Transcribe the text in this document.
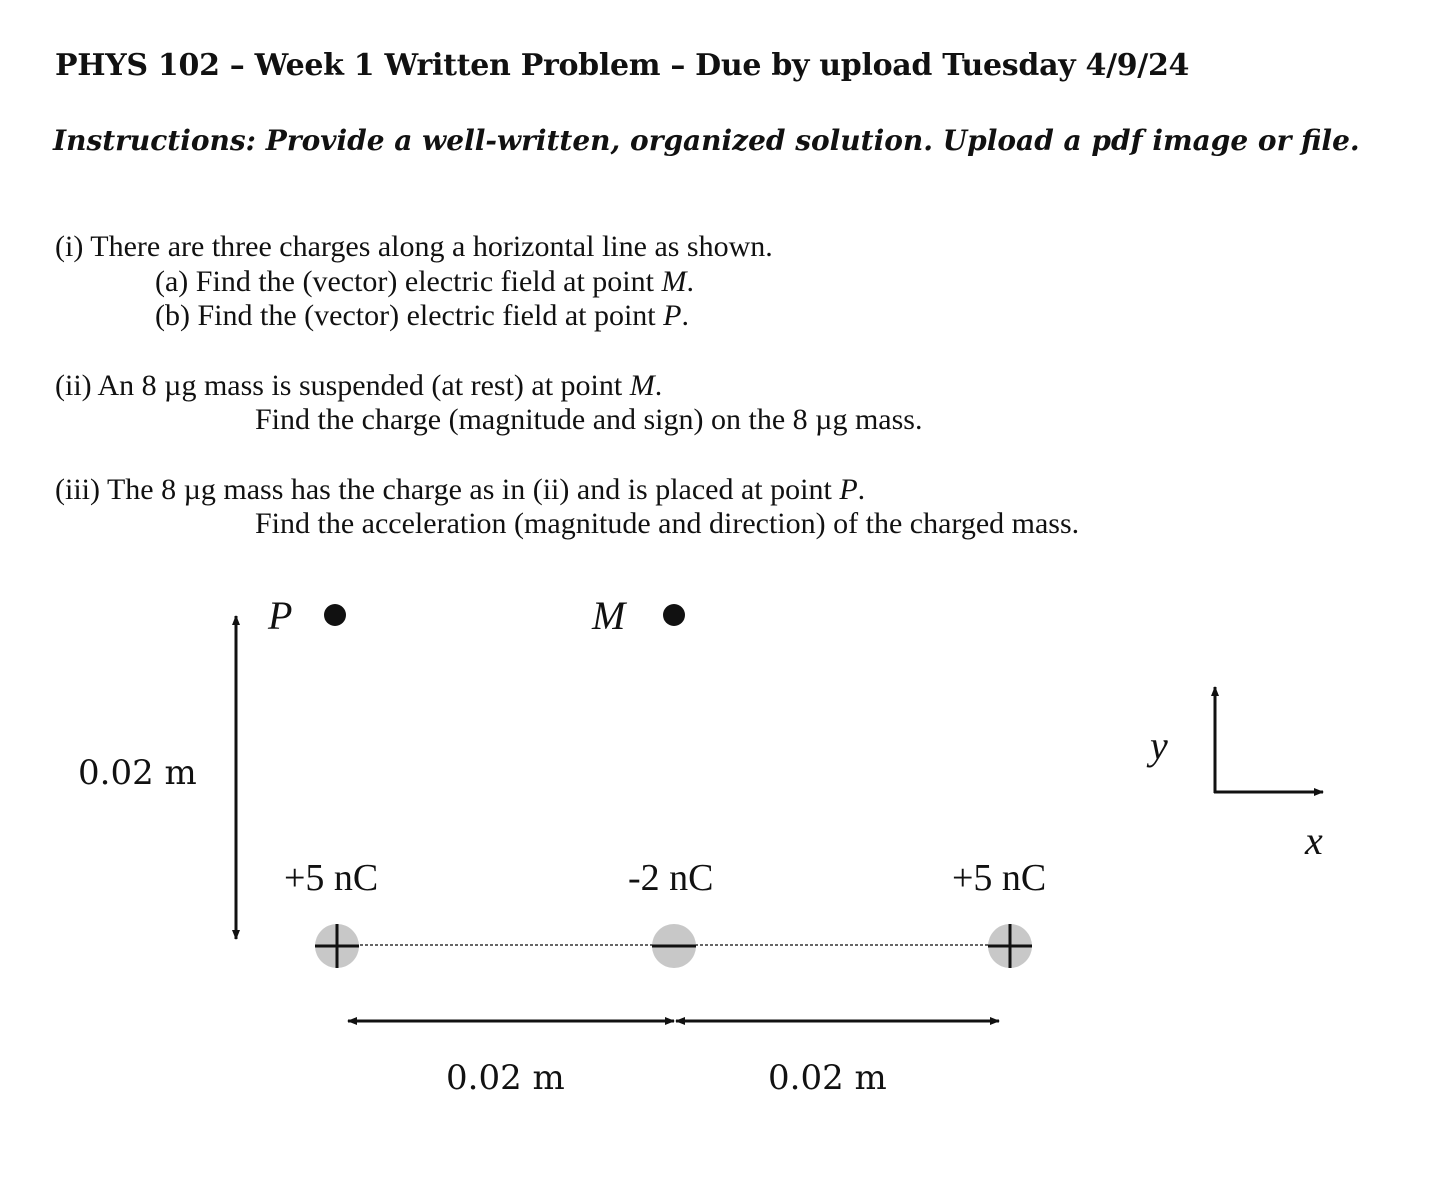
PHYS 102 – Week 1 Written Problem – Due by upload Tuesday 4/9/24
Instructions: Provide a well-written, organized solution. Upload a pdf image or file.
(i) There are three charges along a horizontal line as shown.
(a) Find the (vector) electric field at point M.
(b) Find the (vector) electric field at point P.
(ii) An 8 µg mass is suspended (at rest) at point M.
Find the charge (magnitude and sign) on the 8 µg mass.
(iii) The 8 µg mass has the charge as in (ii) and is placed at point P.
Find the acceleration (magnitude and direction) of the charged mass.
P	M
0.02 m
+5 nC	-2 nC	+5 nC
0.02 m	0.02 m
y
x
